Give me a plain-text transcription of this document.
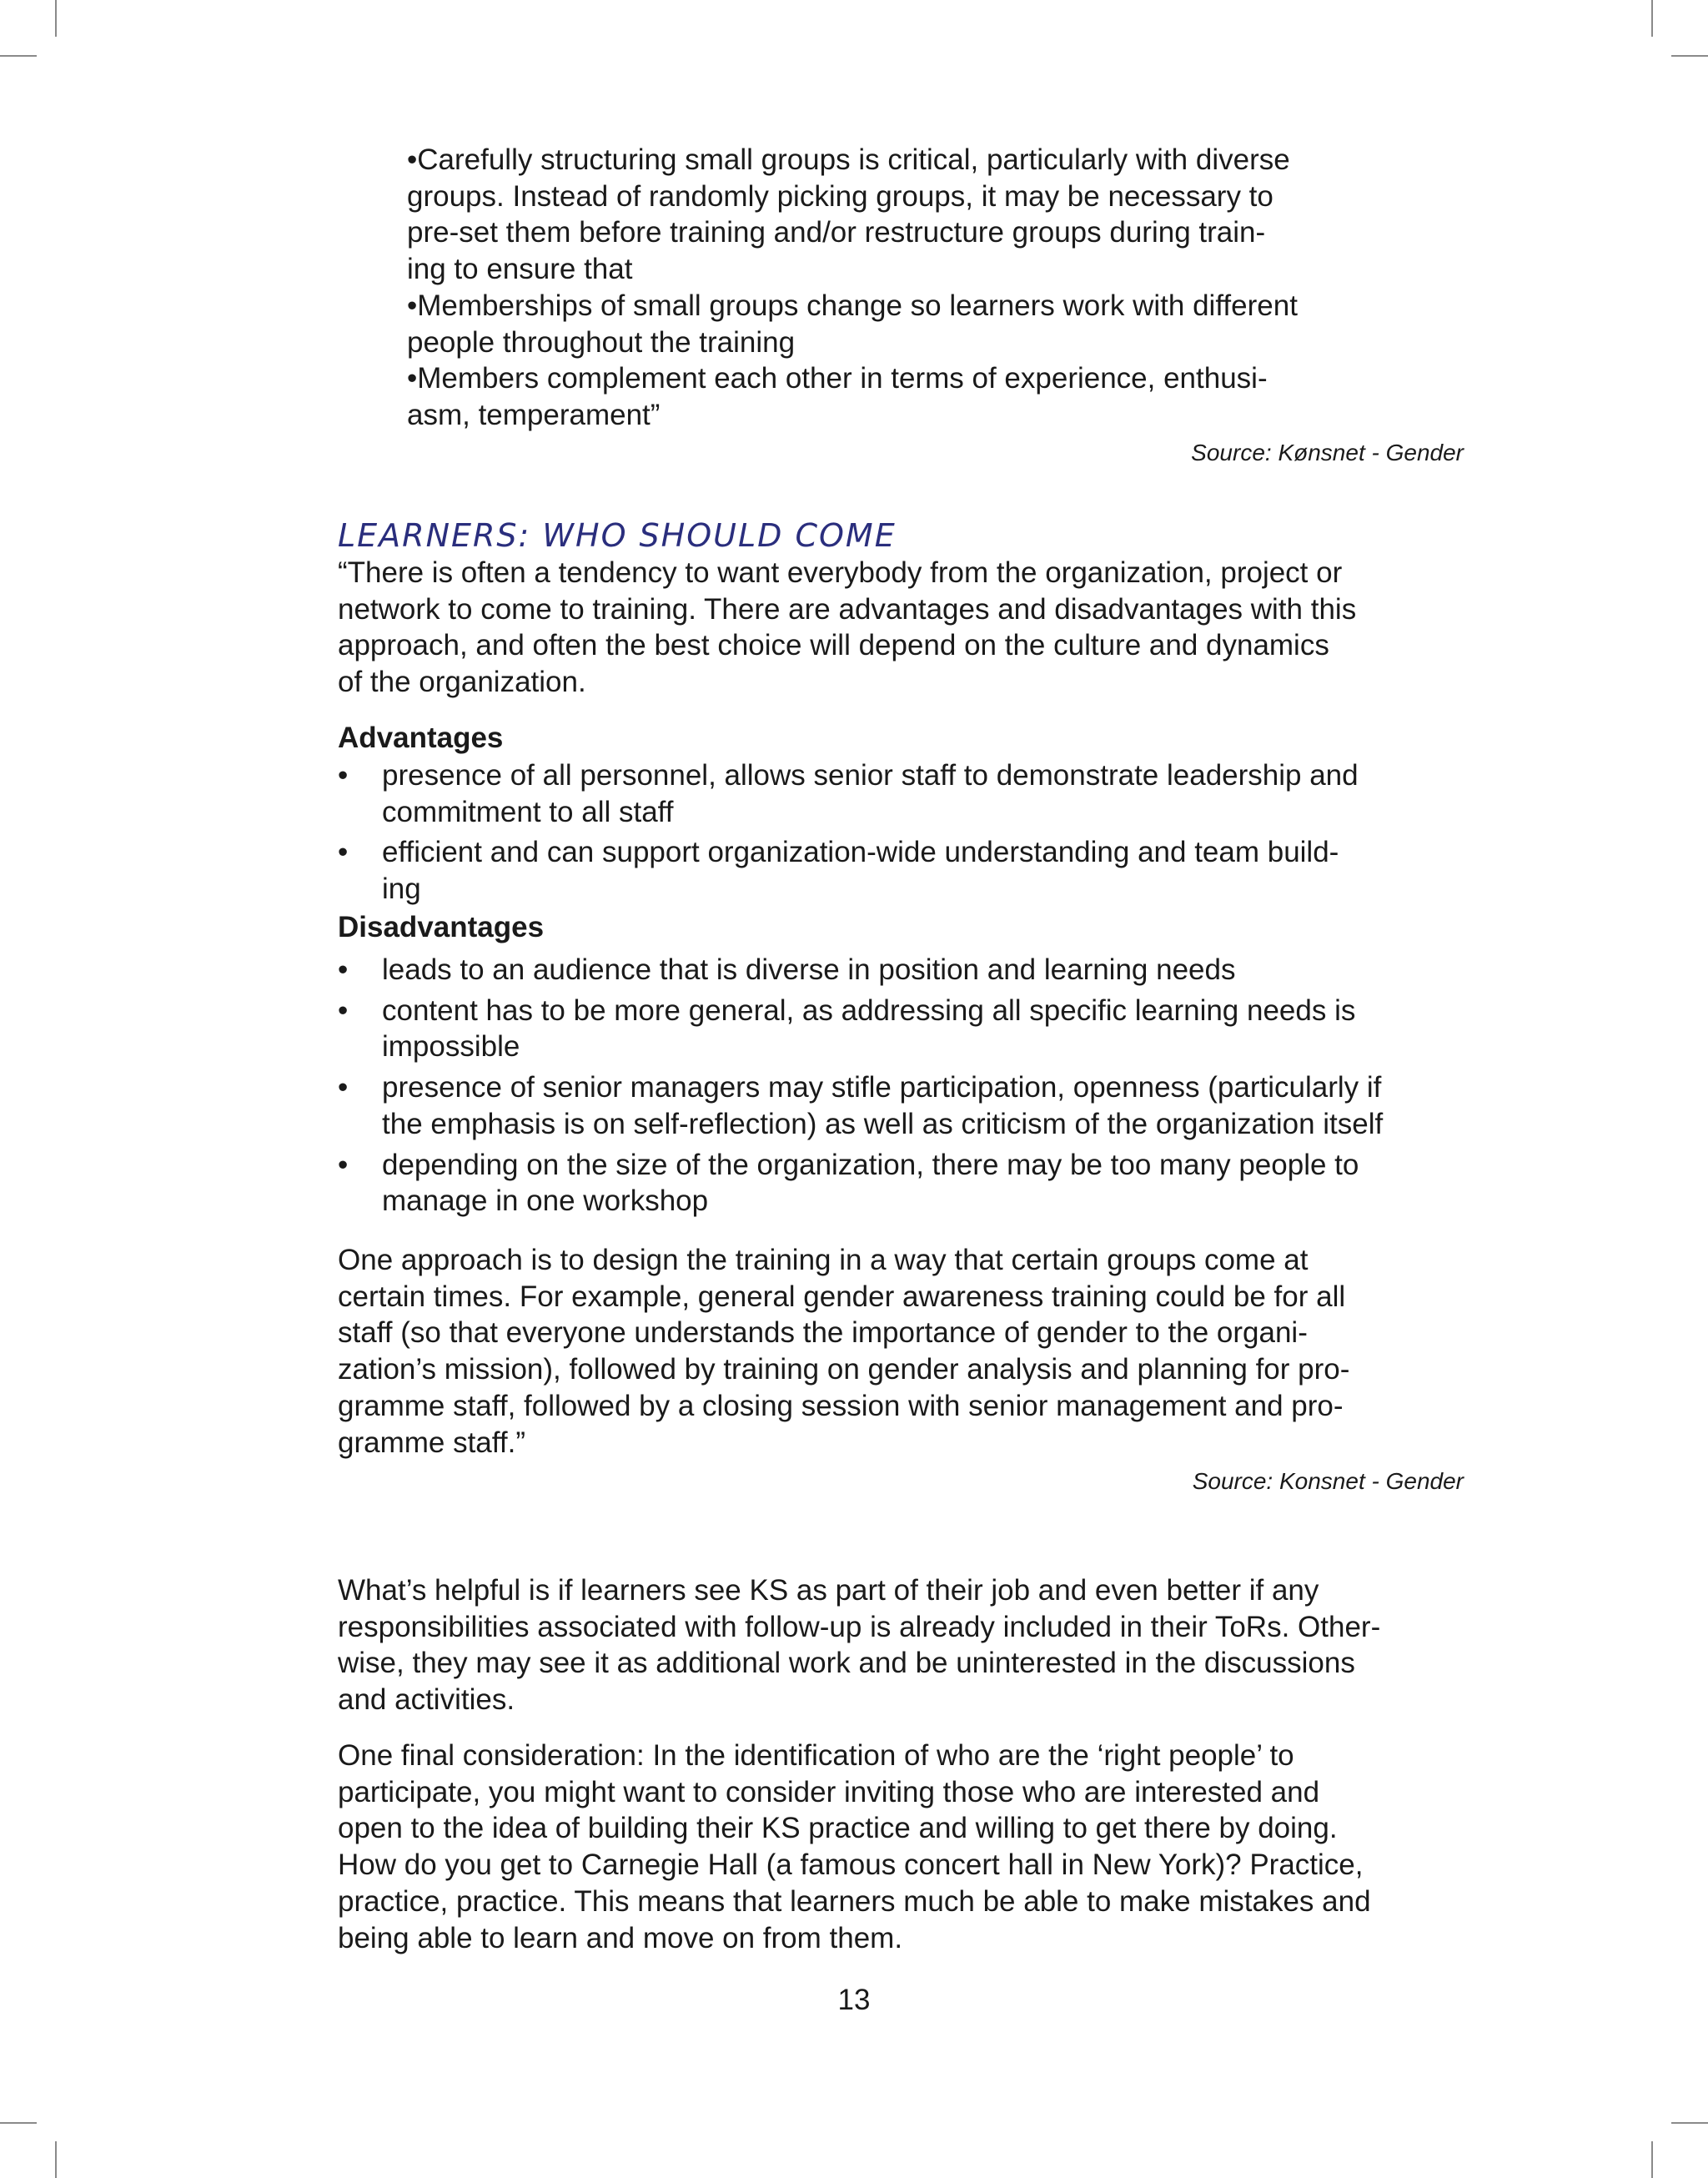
•Carefully structuring small groups is critical, particularly with diverse
groups. Instead of randomly picking groups, it may be necessary to
pre-set them before training and/or restructure groups during train-
ing to ensure that
•Memberships of small groups change so learners work with different
people throughout the training
•Members complement each other in terms of experience, enthusi-
asm, temperament”

Source: Kønsnet - Gender
LEARNERS: WHO SHOULD COME

“There is often a tendency to want everybody from the organization, project or
network to come to training. There are advantages and disadvantages with this
approach, and often the best choice will depend on the culture and dynamics
of the organization.

Advantages
• presence of all personnel, allows senior staff to demonstrate leadership and
commitment to all staff
• efficient and can support organization-wide understanding and team build-
ing
Disadvantages
• leads to an audience that is diverse in position and learning needs
• content has to be more general, as addressing all specific learning needs is
impossible
• presence of senior managers may stifle participation, openness (particularly if
the emphasis is on self-reflection) as well as criticism of the organization itself
• depending on the size of the organization, there may be too many people to
manage in one workshop

One approach is to design the training in a way that certain groups come at
certain times. For example, general gender awareness training could be for all
staff (so that everyone understands the importance of gender to the organi-
zation’s mission), followed by training on gender analysis and planning for pro-
gramme staff, followed by a closing session with senior management and pro-
gramme staff.”

Source: Konsnet - Gender

What’s helpful is if learners see KS as part of their job and even better if any
responsibilities associated with follow-up is already included in their ToRs. Other-
wise, they may see it as additional work and be uninterested in the discussions
and activities.

One final consideration: In the identification of who are the ‘right people’ to
participate, you might want to consider inviting those who are interested and
open to the idea of building their KS practice and willing to get there by doing.
How do you get to Carnegie Hall (a famous concert hall in New York)? Practice,
practice, practice. This means that learners much be able to make mistakes and
being able to learn and move on from them.

13
